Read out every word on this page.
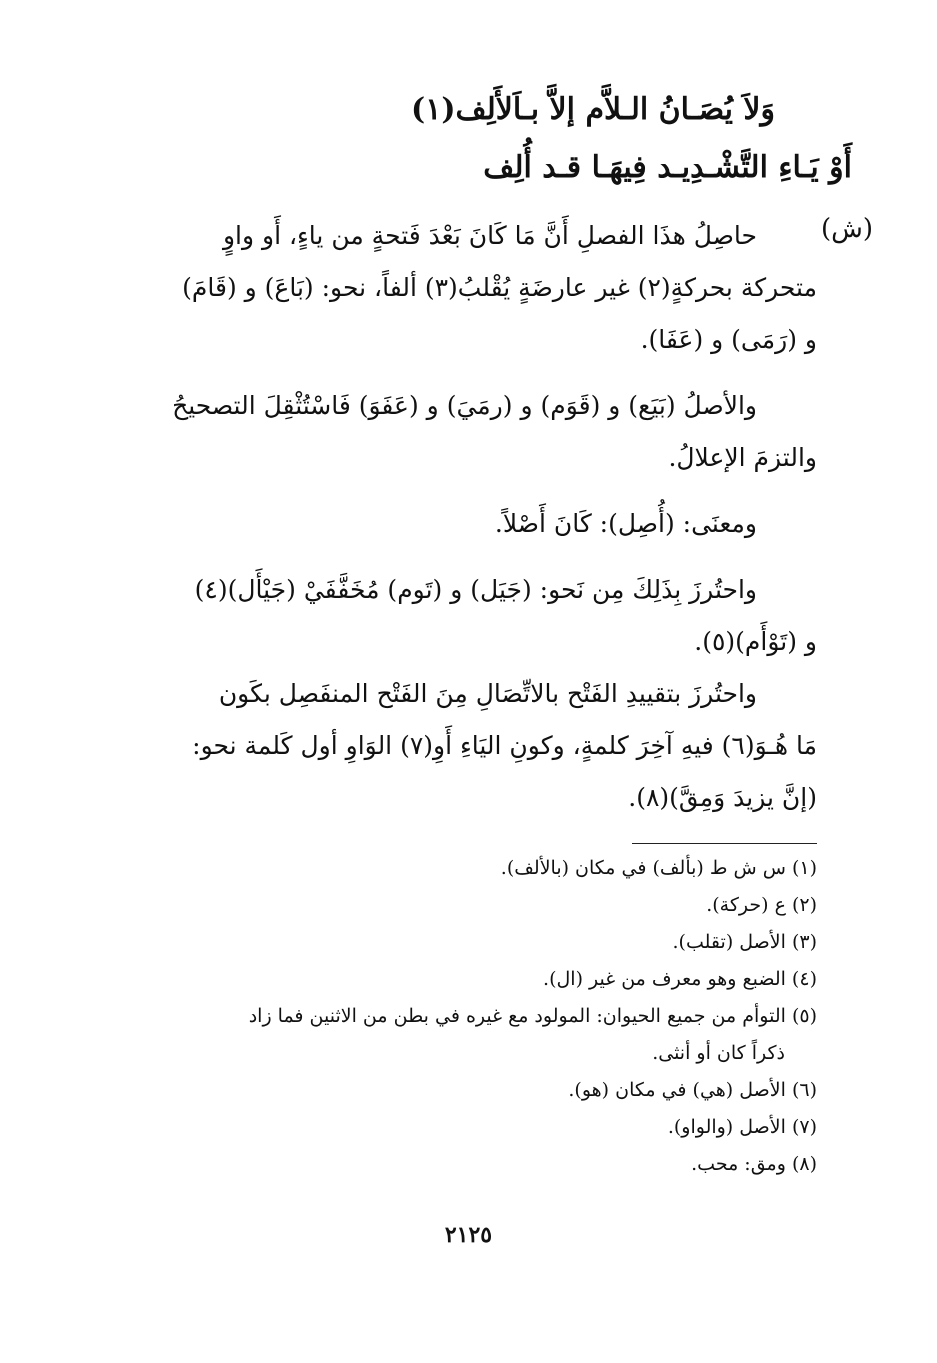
وَلاَ يُصَـانُ الـلاَّم إلاَّ بـاَلأَلِف(١)
أَوْ يَـاءِ التَّشْـدِيـد فِيهَـا قـد أُلِف
(ش)
حاصِلُ هذَا الفصلِ أَنَّ مَا كَانَ بَعْدَ فَتحةٍ من ياءٍ، أَو واوٍ
متحركة بحركةٍ(٢) غير عارضَةٍ يُقْلبُ(٣) ألفاً، نحو: (بَاعَ) و (قَامَ)
و (رَمَى) و (عَفَا).
والأصلُ (بَيَع) و (قَوَم) و (رمَيَ) و (عَفَوَ) فَاسْتُثْقِلَ التصحيحُ
والتزمَ الإعلالُ.
ومعنَى: (أُصِل): كَانَ أَصْلاً.
واحتُرزَ بِذَلِكَ مِن نَحو: (جَيَل) و (تَوم) مُخَفَّفَيْ (جَيْأَل)(٤)
و (تَوْأَم)(٥).
واحتُرزَ بتقييدِ الفَتْح بالاتِّصَالِ مِنَ الفَتْح المنفَصِل بكَون
مَا هُـوَ(٦) فيهِ آخِرَ كلمةٍ، وكونِ اليَاءِ أَوِ(٧) الوَاوِ أول كَلمة نحو:
(إنَّ يزيدَ وَمِقَّ)(٨).
(١) س ش ط (بألف) في مكان (بالألف).
(٢) ع (حركة).
(٣) الأصل (تقلب).
(٤) الضبع وهو معرف من غير (ال).
(٥) التوأم من جميع الحيوان: المولود مع غيره في بطن من الاثنين فما زاد
ذكراً كان أو أنثى.
(٦) الأصل (هي) في مكان (هو).
(٧) الأصل (والواو).
(٨) ومق: محب.
٢١٢٥
